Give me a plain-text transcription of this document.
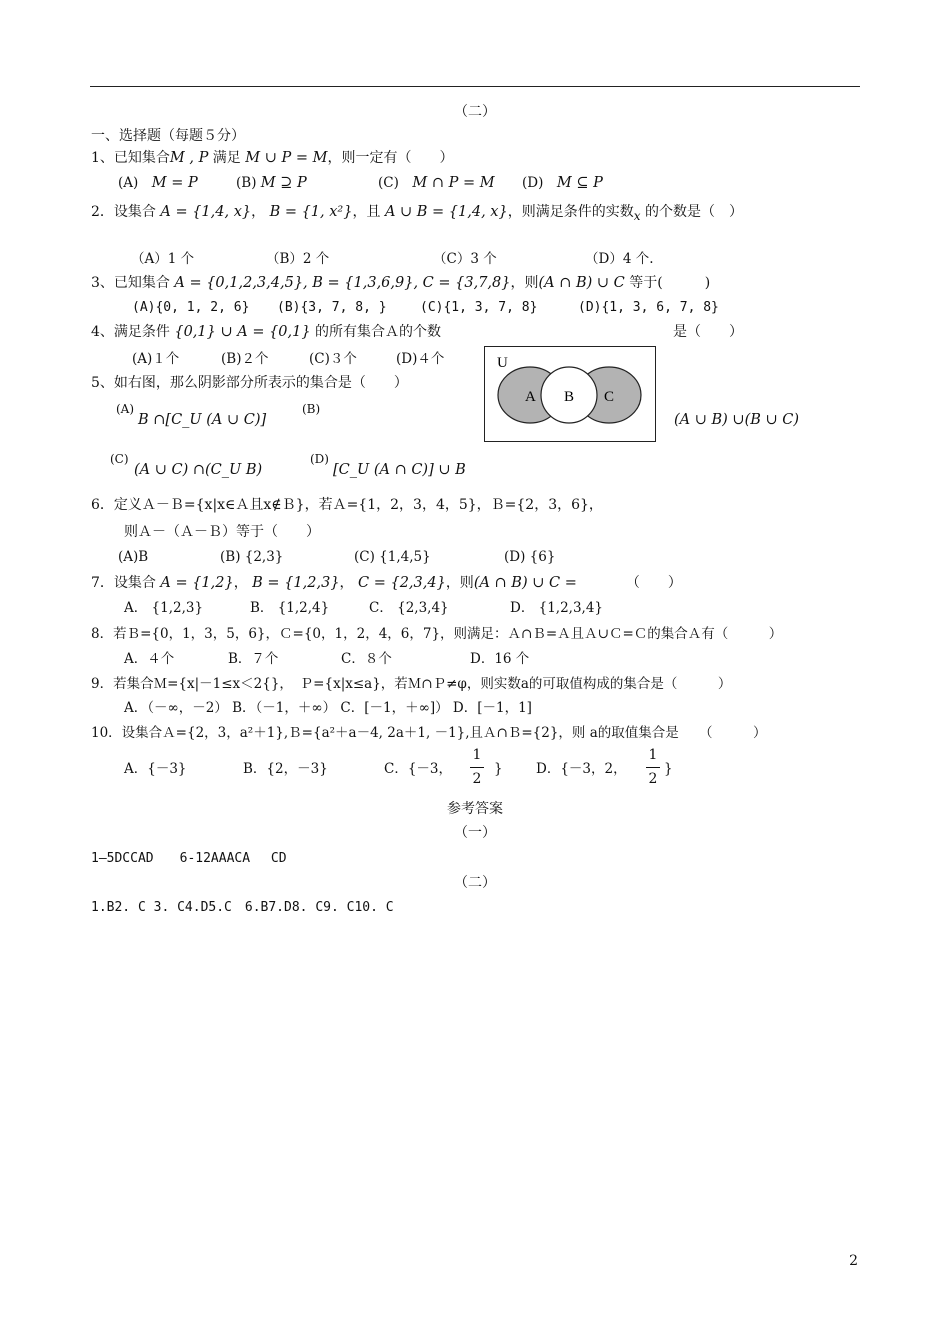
（二）
一、选择题（每题５分）
1、已知集合M , P 满足 M ∪ P = M，则一定有（　　）
(A)　 M = P	(B) M ⊇ P	(C)　 M ∩ P = M (D)　 M ⊆ P
2．设集合 A = {1,4, x}， B = {1, x²}，且 A ∪ B = {1,4, x}，则满足条件的实数x 的个数是（　）
（A）1 个	（B）2 个	（C）3 个	（D）4 个.
3、已知集合 A = {0,1,2,3,4,5}, B = {1,3,6,9}, C = {3,7,8}，则(A ∩ B) ∪ C 等于(　　　)
(A){0, 1, 2, 6} (B){3, 7, 8, }	(C){1, 3, 7, 8}	(D){1, 3, 6, 7, 8}
4、满足条件 {0,1} ∪ A = {0,1} 的所有集合Ａ的个数	是（　　）
(A)１个	(B)２个	(C)３个	(D)４个	U
A B C
5、如右图，那么阴影部分所表示的集合是（　　）
(A)
B ∩[C_U (A ∪ C)]
(B)
(A ∪ B) ∪(B ∪ C)
(C)
(A ∪ C) ∩(C_U B)
(D)
[C_U (A ∩ C)] ∪ B
6．定义Ａ－Ｂ={x|x∈Ａ且x∉Ｂ}，若Ａ={1，2，3，4，5}，Ｂ={2，3，6}，
则Ａ－（Ａ－Ｂ）等于（　　）
(A)B	(B) {2,3}	(C) {1,4,5}	(D) {6}
7．设集合 A = {1,2}， B = {1,2,3}， C = {2,3,4}，则(A ∩ B) ∪ C =　　　　	（　　）
A． {1,2,3}	B． {1,2,4}	C． {2,3,4}	D． {1,2,3,4}
8．若Ｂ={0，1，3，5，6}，Ｃ={0，1，2，4，6，7}，则满足：Ａ∩Ｂ=Ａ且Ａ∪Ｃ=Ｃ的集合Ａ有（　　　）
A．４个	B．７个	C．８个	D．16 个
9．若集合Ｍ={x|－1≤x＜2{}，　Ｐ={x|x≤a}，若Ｍ∩Ｐ≠φ，则实数a的可取值构成的集合是（　　　）
A．（－∞，－2） B．（－1，＋∞） C．[－1，＋∞]） D．[－1，1]
10．设集合Ａ={2，3，a²＋1},Ｂ={a²＋a－4, 2a＋1, －1},且Ａ∩Ｂ={2}，则 a的取值集合是　　（　　　）
A．{－3}	B．{2，－3}	C．{－3，
1
2
} D．{－3，2，
1
2
}
参考答案
（一）
1—5DCCAD　　6-12AAACA　 CD
（二）
1.B2. C 3. C4.D5.C　6.B7.D8. C9. C10. C
2
